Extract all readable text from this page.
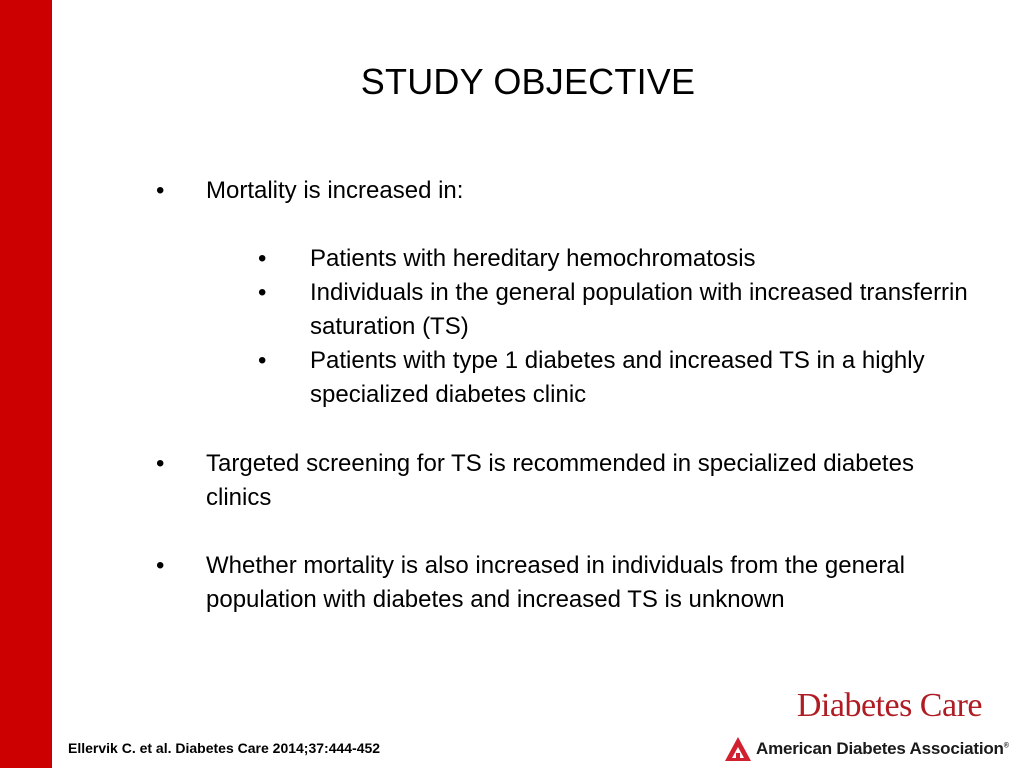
STUDY OBJECTIVE
• Mortality is increased in:
• Patients with hereditary hemochromatosis
• Individuals in the general population with increased transferrin saturation (TS)
• Patients with type 1 diabetes and increased TS in a highly specialized diabetes clinic
• Targeted screening for TS is recommended in specialized diabetes clinics
• Whether mortality is also increased in individuals from the general population with diabetes and increased TS is unknown
Ellervik C. et al. Diabetes Care 2014;37:444-452
Diabetes Care
American Diabetes Association®
